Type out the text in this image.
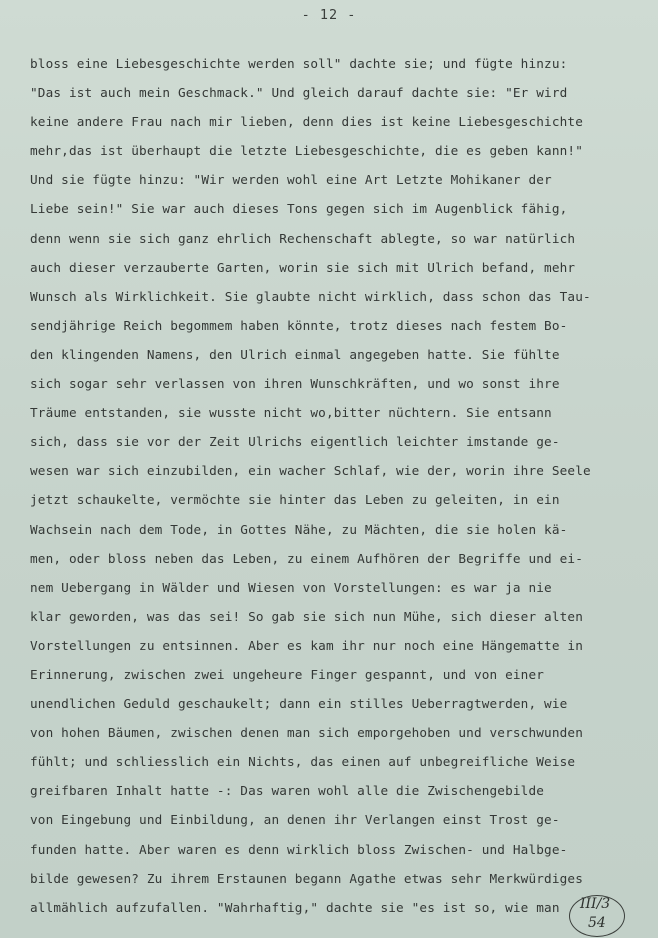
- 12 -
bloss eine Liebesgeschichte werden soll" dachte sie; und fügte hinzu:
"Das ist auch mein Geschmack." Und gleich darauf dachte sie: "Er wird
keine andere Frau nach mir lieben, denn dies ist keine Liebesgeschichte
mehr,das ist überhaupt die letzte Liebesgeschichte, die es geben kann!"
Und sie fügte hinzu: "Wir werden wohl eine Art Letzte Mohikaner der
Liebe sein!" Sie war auch dieses Tons gegen sich im Augenblick fähig,
denn wenn sie sich ganz ehrlich Rechenschaft ablegte, so war natürlich
auch dieser verzauberte Garten, worin sie sich mit Ulrich befand, mehr
Wunsch als Wirklichkeit. Sie glaubte nicht wirklich, dass schon das Tau-
sendjährige Reich begommem haben könnte, trotz dieses nach festem Bo-
den klingenden Namens, den Ulrich einmal angegeben hatte. Sie fühlte
sich sogar sehr verlassen von ihren Wunschkräften, und wo sonst ihre
Träume entstanden, sie wusste nicht wo,bitter nüchtern. Sie entsann
sich, dass sie vor der Zeit Ulrichs eigentlich leichter imstande ge-
wesen war sich einzubilden, ein wacher Schlaf, wie der, worin ihre Seele
jetzt schaukelte, vermöchte sie hinter das Leben zu geleiten, in ein
Wachsein nach dem Tode, in Gottes Nähe, zu Mächten, die sie holen kä-
men, oder bloss neben das Leben, zu einem Aufhören der Begriffe und ei-
nem Uebergang in Wälder und Wiesen von Vorstellungen: es war ja nie
klar geworden, was das sei! So gab sie sich nun Mühe, sich dieser alten
Vorstellungen zu entsinnen. Aber es kam ihr nur noch eine Hängematte in
Erinnerung, zwischen zwei ungeheure Finger gespannt, und von einer
unendlichen Geduld geschaukelt; dann ein stilles Ueberragtwerden, wie
von hohen Bäumen, zwischen denen man sich emporgehoben und verschwunden
fühlt; und schliesslich ein Nichts, das einen auf unbegreifliche Weise
greifbaren Inhalt hatte -: Das waren wohl alle die Zwischengebilde
von Eingebung und Einbildung, an denen ihr Verlangen einst Trost ge-
funden hatte. Aber waren es denn wirklich bloss Zwischen- und Halbge-
bilde gewesen? Zu ihrem Erstaunen begann Agathe etwas sehr Merkwürdiges
allmählich aufzufallen. "Wahrhaftig," dachte sie "es ist so, wie man	III/3
54
